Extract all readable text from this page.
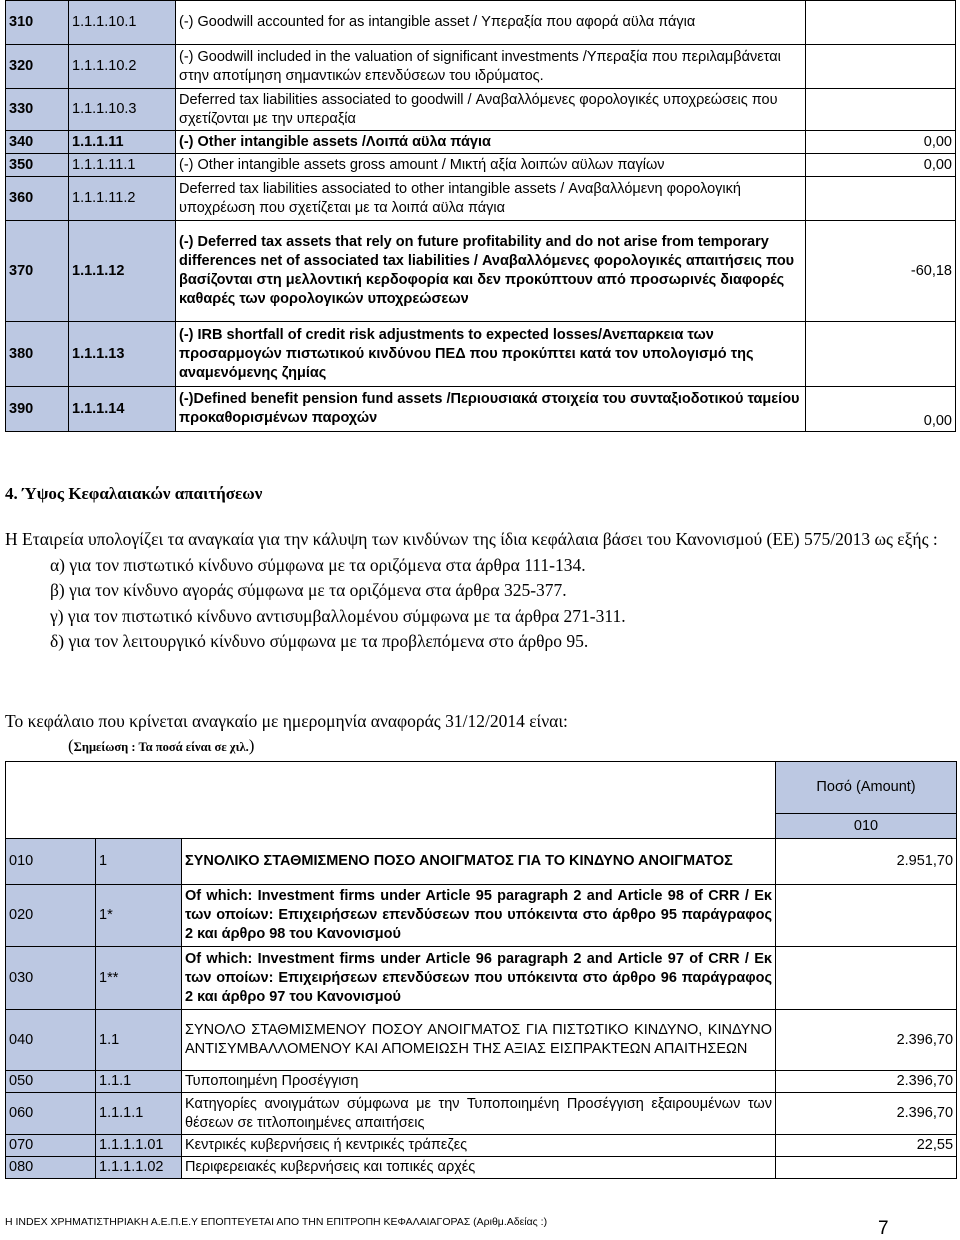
310	1.1.1.10.1	(-) Goodwill accounted for as intangible asset / Υπεραξία που αφορά αϋλα πάγια	
320	1.1.1.10.2	(-) Goodwill included in the valuation of significant investments /Υπεραξία που περιλαμβάνεται στην αποτίμηση σημαντικών επενδύσεων του ιδρύματος.	
330	1.1.1.10.3	Deferred tax liabilities associated to goodwill / Αναβαλλόμενες φορολογικές υποχρεώσεις που σχετίζονται με την υπεραξία	
340	1.1.1.11	(-) Other intangible assets /Λοιπά αϋλα πάγια	0,00
350	1.1.1.11.1	(-) Other intangible assets gross amount / Μικτή αξία λοιπών αϋλων παγίων	0,00
360	1.1.1.11.2	Deferred tax liabilities associated to other intangible assets / Αναβαλλόμενη φορολογική υποχρέωση που σχετίζεται με τα λοιπά αϋλα πάγια	
370	1.1.1.12	(-) Deferred tax assets that rely on future profitability and do not arise from temporary differences net of associated tax liabilities / Αναβαλλόμενες φορολογικές απαιτήσεις που βασίζονται στη μελλοντική κερδοφορία και δεν προκύπτουν από προσωρινές διαφορές καθαρές των φορολογικών υποχρεώσεων	-60,18
380	1.1.1.13	(-) IRB shortfall of credit risk adjustments to expected losses/Ανεπαρκεια των προσαρμογών πιστωτικού κινδύνου ΠΕΔ που προκύπτει κατά τον υπολογισμό της αναμενόμενης ζημίας	
390	1.1.1.14	(-)Defined benefit pension fund assets /Περιουσιακά στοιχεία του συνταξιοδοτικού ταμείου προκαθορισμένων παροχών	0,00
4. Ύψος Κεφαλαιακών απαιτήσεων

Η Εταιρεία υπολογίζει τα αναγκαία για την κάλυψη των κινδύνων της ίδια κεφάλαια βάσει του Κανονισμού (ΕΕ) 575/2013 ως εξής :

α) για τον πιστωτικό κίνδυνο σύμφωνα με τα οριζόμενα στα άρθρα 111-134.

β) για τον κίνδυνο αγοράς σύμφωνα με τα οριζόμενα στα άρθρα 325-377.

γ) για τον πιστωτικό κίνδυνο αντισυμβαλλομένου σύμφωνα με τα άρθρα 271-311.

δ) για τον λειτουργικό κίνδυνο σύμφωνα με τα προβλεπόμενα στο άρθρο 95.

Το κεφάλαιο που κρίνεται αναγκαίο με ημερομηνία αναφοράς 31/12/2014 είναι:
(Σημείωση : Τα ποσά είναι σε χιλ.)
			Ποσό (Amount)
			010
010	1	ΣΥΝΟΛΙΚΟ ΣΤΑΘΜΙΣΜΕΝΟ ΠΟΣΟ ΑΝΟΙΓΜΑΤΟΣ ΓΙΑ ΤΟ ΚΙΝΔΥΝΟ ΑΝΟΙΓΜΑΤΟΣ	2.951,70
020	1*	Of which: Investment firms under Article 95 paragraph 2 and Article 98 of CRR / Εκ των οποίων: Επιχειρήσεων επενδύσεων που υπόκειντα στο άρθρο 95 παράγραφος 2 και άρθρο 98 του Κανονισμού	
030	1**	Of which: Investment firms under Article 96 paragraph 2 and Article 97 of CRR / Εκ των οποίων: Επιχειρήσεων επενδύσεων που υπόκειντα στο άρθρο 96 παράγραφος 2 και άρθρο 97 του Κανονισμού	
040	1.1	ΣΥΝΟΛΟ ΣΤΑΘΜΙΣΜΕΝΟΥ ΠΟΣΟΥ ΑΝΟΙΓΜΑΤΟΣ ΓΙΑ ΠΙΣΤΩΤΙΚΟ ΚΙΝΔΥΝΟ, ΚΙΝΔΥΝΟ ΑΝΤΙΣΥΜΒΑΛΛΟΜΕΝΟΥ ΚΑΙ ΑΠΟΜΕΙΩΣΗ ΤΗΣ ΑΞΙΑΣ ΕΙΣΠΡΑΚΤΕΩΝ ΑΠΑΙΤΗΣΕΩΝ	2.396,70
050	1.1.1	Τυποποιημένη Προσέγγιση	2.396,70
060	1.1.1.1	Κατηγορίες ανοιγμάτων σύμφωνα με την Τυποποιημένη Προσέγγιση εξαιρουμένων των θέσεων σε τιτλοποιημένες απαιτήσεις	2.396,70
070	1.1.1.1.01	Κεντρικές κυβερνήσεις ή κεντρικές τράπεζες	22,55
080	1.1.1.1.02	Περιφερειακές κυβερνήσεις και τοπικές αρχές	
Η INDEX ΧΡΗΜΑΤΙΣΤΗΡΙΑΚΗ Α.Ε.Π.Ε.Υ ΕΠΟΠΤΕΥΕΤΑΙ ΑΠΟ ΤΗΝ ΕΠΙΤΡΟΠΗ ΚΕΦΑΛΑΙΑΓΟΡΑΣ (Αριθμ.Αδείας :)	7
